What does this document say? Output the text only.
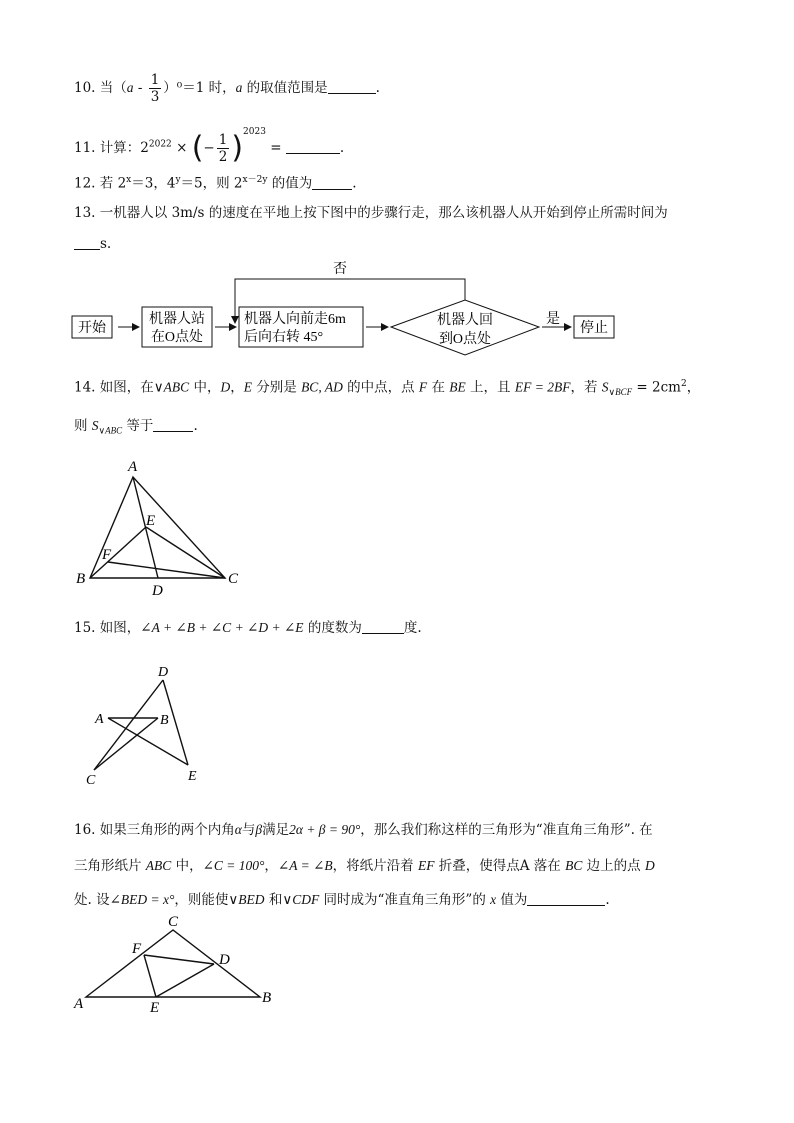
10. 当$(a - \frac{1}{3} )^0=1$ 时，a 的取值范围是	.
11. 计算：$2^{2022}$ × (− $\frac{1}{2} )^{2023}$ =	.
12. 若 $2^x=3$，$4^y=5$，则 $2^{x-2y}$ 的值为	.
13. 一机器人以 3m/s 的速度在平地上按下图中的步骤行走，那么该机器人从开始到停止所需时间为
s.
开始
机器人站
在O点处
机器人向前走6m
后向右转 45°
机器人回
到O点处
否
是
停止
14. 如图，在∨ABC 中，D，E 分别是 BC, AD 的中点，点 F 在 BE 上，且 EF = 2BF，若 $S_{\vee BCF} = 2cm^2$，
则 $S_{\vee ABC}$ 等于	.
A
B	C
D
E
F
15. 如图，∠A + ∠B + ∠C + ∠D + ∠E 的度数为	度.
A	B
C
D
E
16. 如果三角形的两个内角α与β满足2α + β = 90°，那么我们称这样的三角形为“准直角三角形”. 在
三角形纸片 ABC 中，∠C = 100°，∠A = ∠B，将纸片沿着 EF 折叠，使得点A 落在 BC 边上的点 D
处. 设∠BED = x°，则能使∨BED 和∨CDF 同时成为“准直角三角形”的 x 值为	.
A	B
C
D
E
F
